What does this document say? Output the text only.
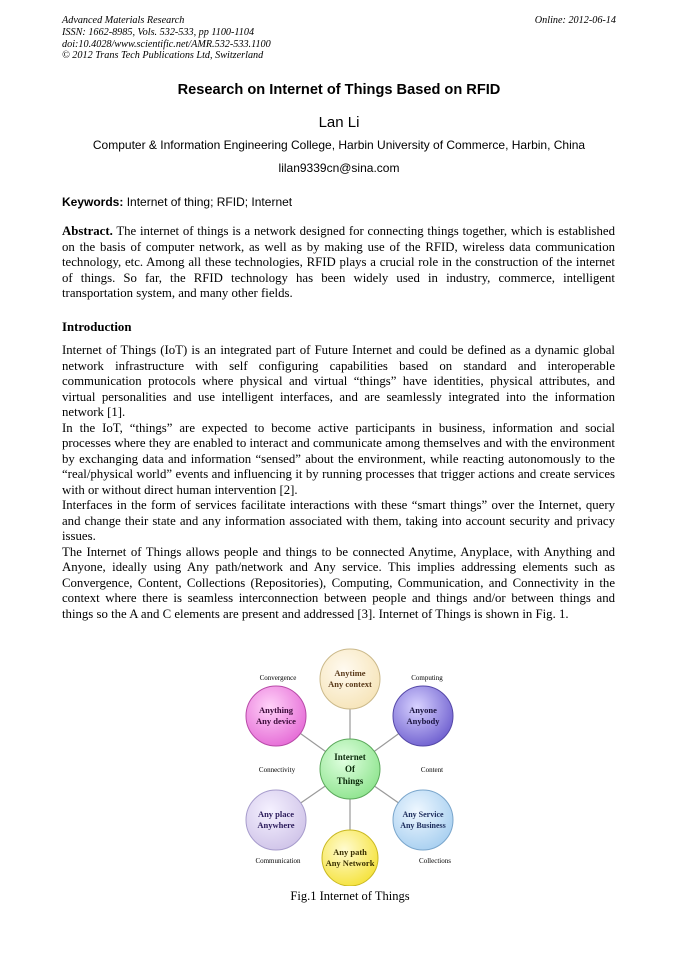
Advanced Materials Research
ISSN: 1662-8985, Vols. 532-533, pp 1100-1104
doi:10.4028/www.scientific.net/AMR.532-533.1100
© 2012 Trans Tech Publications Ltd, Switzerland
Online: 2012-06-14
Research on Internet of Things Based on RFID
Lan Li
Computer & Information Engineering College, Harbin University of Commerce, Harbin, China
lilan9339cn@sina.com
Keywords: Internet of thing; RFID; Internet
Abstract. The internet of things is a network designed for connecting things together, which is established on the basis of computer network, as well as by making use of the RFID, wireless data communication technology, etc. Among all these technologies, RFID plays a crucial role in the construction of the internet of things. So far, the RFID technology has been widely used in industry, commerce, intelligent transportation system, and many other fields.
Introduction

Internet of Things (IoT) is an integrated part of Future Internet and could be defined as a dynamic global network infrastructure with self configuring capabilities based on standard and interoperable communication protocols where physical and virtual “things” have identities, physical attributes, and virtual personalities and use intelligent interfaces, and are seamlessly integrated into the information network [1].

In the IoT, “things” are expected to become active participants in business, information and social processes where they are enabled to interact and communicate among themselves and with the environment by exchanging data and information “sensed” about the environment, while reacting autonomously to the “real/physical world” events and influencing it by running processes that trigger actions and create services with or without direct human intervention [2].

Interfaces in the form of services facilitate interactions with these “smart things” over the Internet, query and change their state and any information associated with them, taking into account security and privacy issues.

The Internet of Things allows people and things to be connected Anytime, Anyplace, with Anything and Anyone, ideally using Any path/network and Any service. This implies addressing elements such as Convergence, Content, Collections (Repositories), Computing, Communication, and Connectivity in the context where there is seamless interconnection between people and things and/or between things and things so the A and C elements are present and addressed [3]. Internet of Things is shown in Fig. 1.

Anytime
Any context
Anyone
Anybody
Any Service
Any Business
Any path
Any Network
Any place
Anywhere
Anything
Any device
Internet
Of
Things
Convergence	Computing
Connectivity	Content
Communication	Collections
Fig.1 Internet of Things
